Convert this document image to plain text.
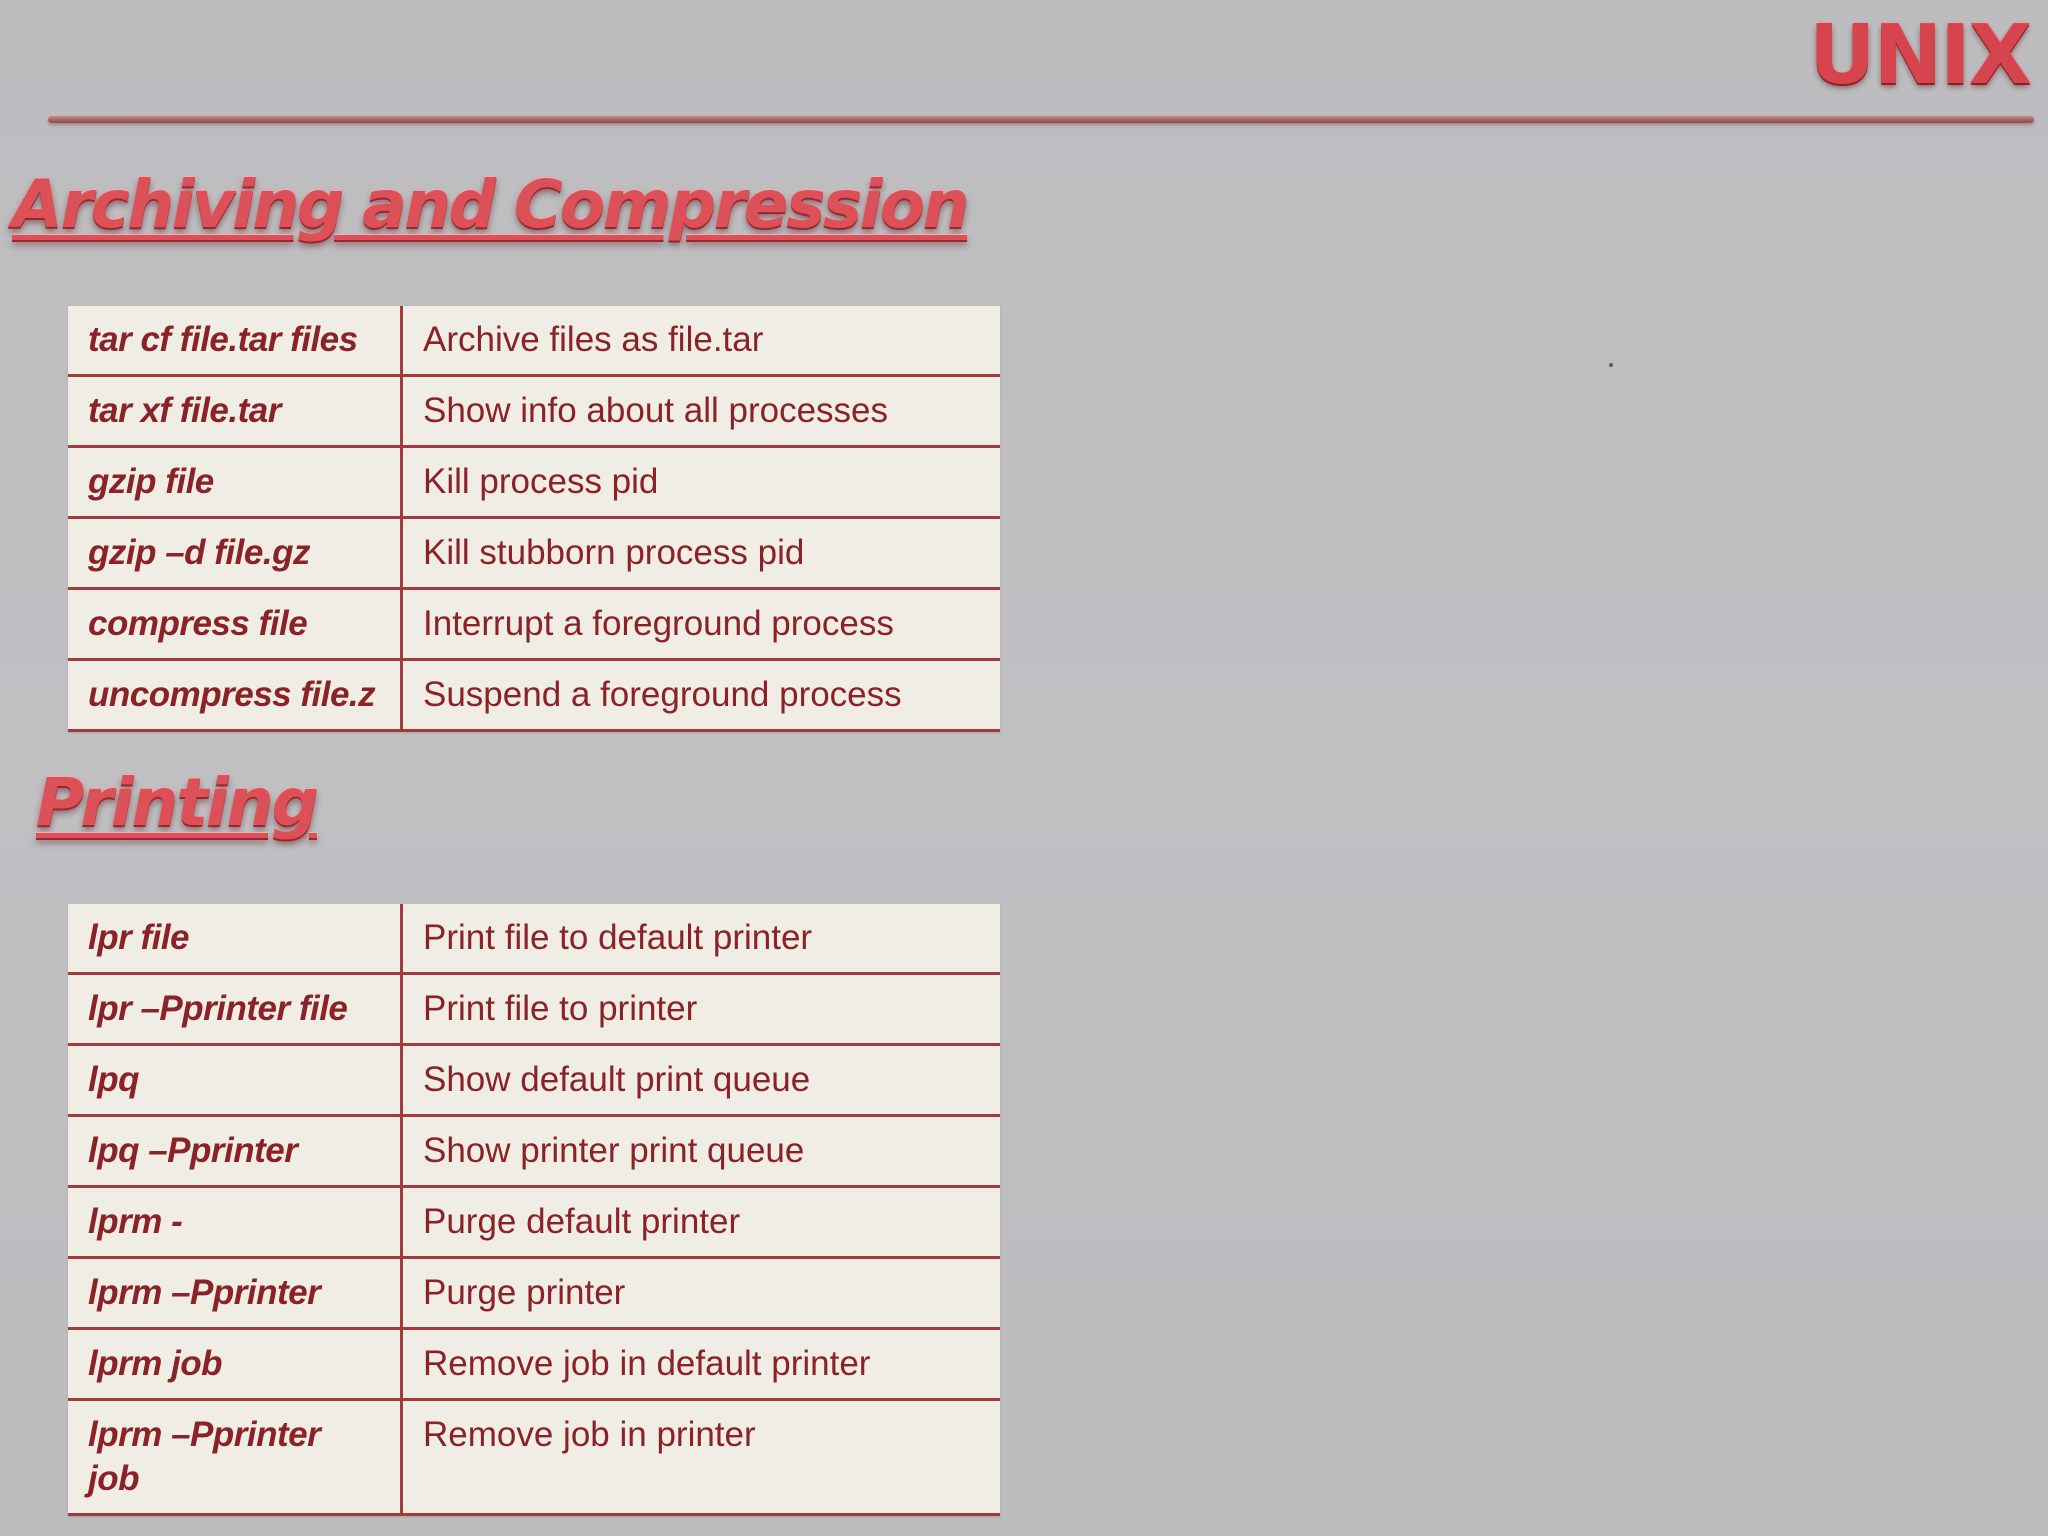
UNIX
Archiving and Compression
tar cf file.tar files	Archive files as file.tar
tar xf file.tar	Show info about all processes
gzip file	Kill process pid
gzip –d file.gz	Kill stubborn process pid
compress file	Interrupt a foreground process
uncompress file.z	Suspend a foreground process
Printing
lpr file	Print file to default printer
lpr –Pprinter file	Print file to printer
lpq	Show default print queue
lpq –Pprinter	Show printer print queue
lprm -	Purge default printer
lprm –Pprinter	Purge printer
lprm job	Remove job in default printer
lprm –Pprinter job	Remove job in printer
